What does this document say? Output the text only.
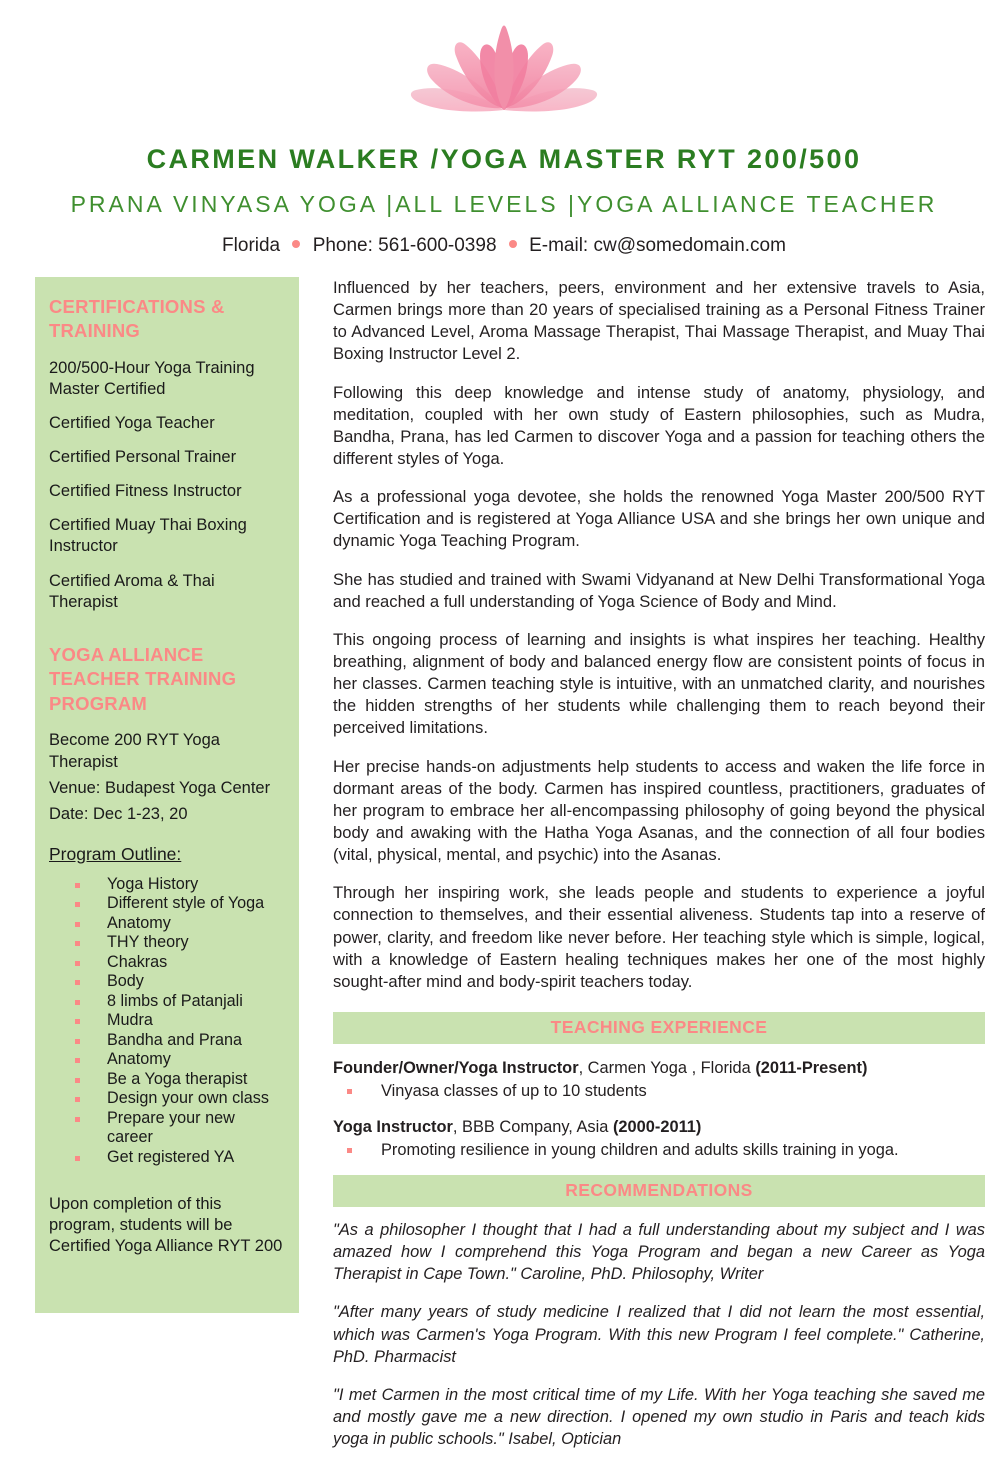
CARMEN WALKER /YOGA MASTER RYT 200/500
PRANA VINYASA YOGA |ALL LEVELS |YOGA ALLIANCE TEACHER
Florida Phone: 561-600-0398 E-mail: cw@somedomain.com
CERTIFICATIONS & TRAINING
200/500-Hour Yoga Training Master Certified
Certified Yoga Teacher
Certified Personal Trainer
Certified Fitness Instructor
Certified Muay Thai Boxing Instructor
Certified Aroma & Thai Therapist
YOGA ALLIANCE TEACHER TRAINING PROGRAM
Become 200 RYT Yoga Therapist
Venue: Budapest Yoga Center
Date: Dec 1-23, 20
Program Outline:
Yoga History
Different style of Yoga
Anatomy
THY theory
Chakras
Body
8 limbs of Patanjali
Mudra
Bandha and Prana
Anatomy
Be a Yoga therapist
Design your own class
Prepare your new career
Get registered YA
Upon completion of this program, students will be Certified Yoga Alliance RYT 200

Influenced by her teachers, peers, environment and her extensive travels to Asia, Carmen brings more than 20 years of specialised training as a Personal Fitness Trainer to Advanced Level, Aroma Massage Therapist, Thai Massage Therapist, and Muay Thai Boxing Instructor Level 2.

Following this deep knowledge and intense study of anatomy, physiology, and meditation, coupled with her own study of Eastern philosophies, such as Mudra, Bandha, Prana, has led Carmen to discover Yoga and a passion for teaching others the different styles of Yoga.

As a professional yoga devotee, she holds the renowned Yoga Master 200/500 RYT Certification and is registered at Yoga Alliance USA and she brings her own unique and dynamic Yoga Teaching Program.

She has studied and trained with Swami Vidyanand at New Delhi Transformational Yoga and reached a full understanding of Yoga Science of Body and Mind.

This ongoing process of learning and insights is what inspires her teaching. Healthy breathing, alignment of body and balanced energy flow are consistent points of focus in her classes. Carmen teaching style is intuitive, with an unmatched clarity, and nourishes the hidden strengths of her students while challenging them to reach beyond their perceived limitations.

Her precise hands-on adjustments help students to access and waken the life force in dormant areas of the body. Carmen has inspired countless, practitioners, graduates of her program to embrace her all-encompassing philosophy of going beyond the physical body and awaking with the Hatha Yoga Asanas, and the connection of all four bodies (vital, physical, mental, and psychic) into the Asanas.

Through her inspiring work, she leads people and students to experience a joyful connection to themselves, and their essential aliveness. Students tap into a reserve of power, clarity, and freedom like never before. Her teaching style which is simple, logical, with a knowledge of Eastern healing techniques makes her one of the most highly sought-after mind and body-spirit teachers today.

TEACHING EXPERIENCE
Founder/Owner/Yoga Instructor, Carmen Yoga , Florida (2011-Present)
Vinyasa classes of up to 10 students
Yoga Instructor, BBB Company, Asia (2000-2011)
Promoting resilience in young children and adults skills training in yoga.
RECOMMENDATIONS

"As a philosopher I thought that I had a full understanding about my subject and I was amazed how I comprehend this Yoga Program and began a new Career as Yoga Therapist in Cape Town." Caroline, PhD. Philosophy, Writer

"After many years of study medicine I realized that I did not learn the most essential, which was Carmen's Yoga Program. With this new Program I feel complete." Catherine, PhD. Pharmacist

"I met Carmen in the most critical time of my Life. With her Yoga teaching she saved me and mostly gave me a new direction. I opened my own studio in Paris and teach kids yoga in public schools." Isabel, Optician
